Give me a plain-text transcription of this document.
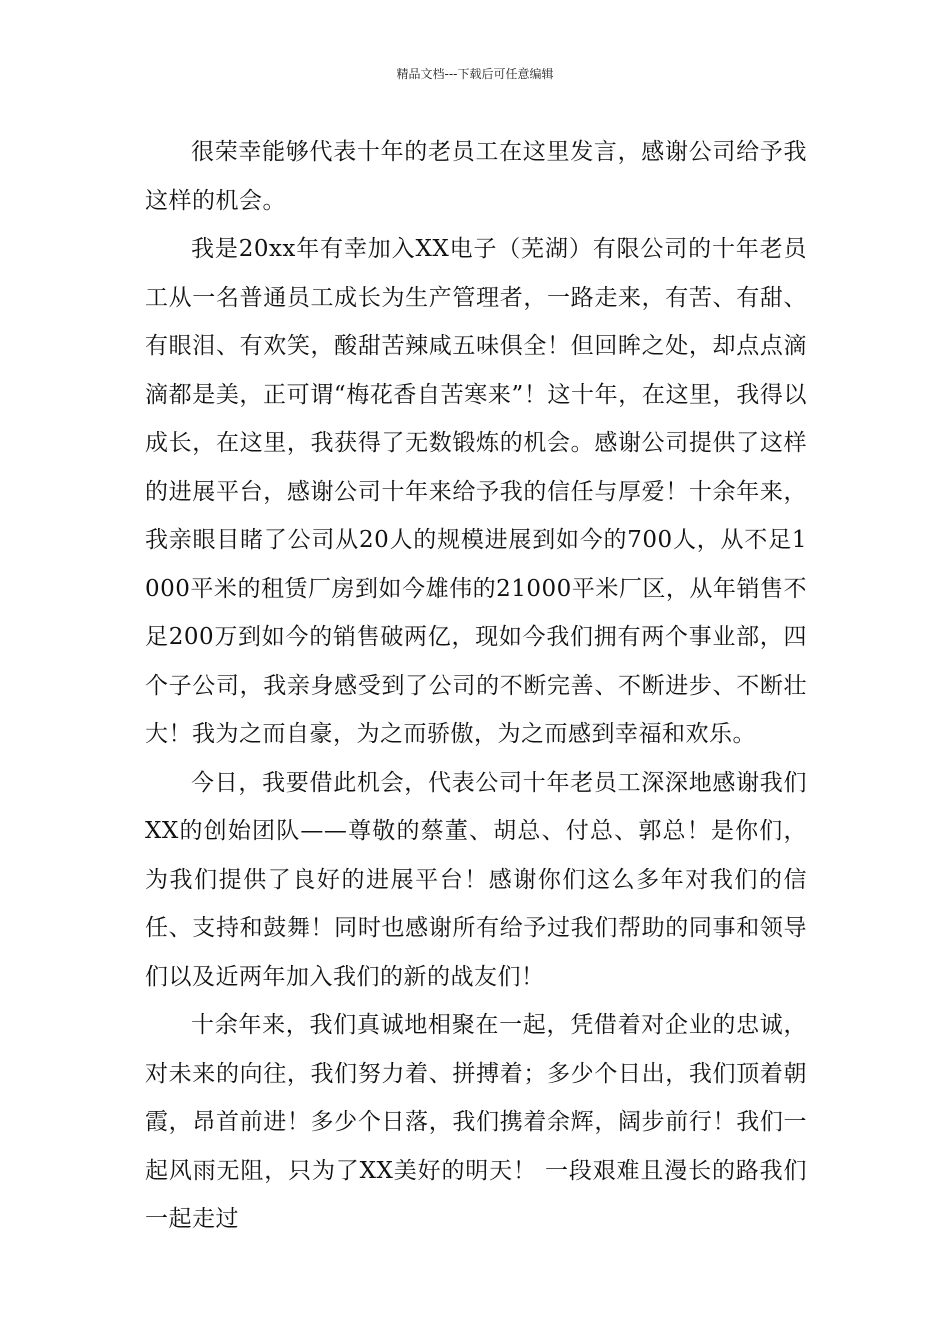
精品文档---下载后可任意编辑

很荣幸能够代表十年的老员工在这里发言，感谢公司给予我这样的机会。

我是20xx年有幸加入XX电子（芜湖）有限公司的十年老员工从一名普通员工成长为生产管理者，一路走来，有苦、有甜、有眼泪、有欢笑，酸甜苦辣咸五味俱全！但回眸之处，却点点滴滴都是美，正可谓“梅花香自苦寒来”！这十年，在这里，我得以成长，在这里，我获得了无数锻炼的机会。感谢公司提供了这样的进展平台，感谢公司十年来给予我的信任与厚爱！十余年来，我亲眼目睹了公司从20人的规模进展到如今的700人，从不足1000平米的租赁厂房到如今雄伟的21000平米厂区，从年销售不足200万到如今的销售破两亿，现如今我们拥有两个事业部，四个子公司，我亲身感受到了公司的不断完善、不断进步、不断壮大！我为之而自豪，为之而骄傲，为之而感到幸福和欢乐。

今日，我要借此机会，代表公司十年老员工深深地感谢我们XX的创始团队——尊敬的蔡董、胡总、付总、郭总！是你们，为我们提供了良好的进展平台！感谢你们这么多年对我们的信任、支持和鼓舞！同时也感谢所有给予过我们帮助的同事和领导们以及近两年加入我们的新的战友们！

十余年来，我们真诚地相聚在一起，凭借着对企业的忠诚，对未来的向往，我们努力着、拼搏着；多少个日出，我们顶着朝霞，昂首前进！多少个日落，我们携着余辉，阔步前行！我们一起风雨无阻，只为了XX美好的明天！ 一段艰难且漫长的路我们一起走过
